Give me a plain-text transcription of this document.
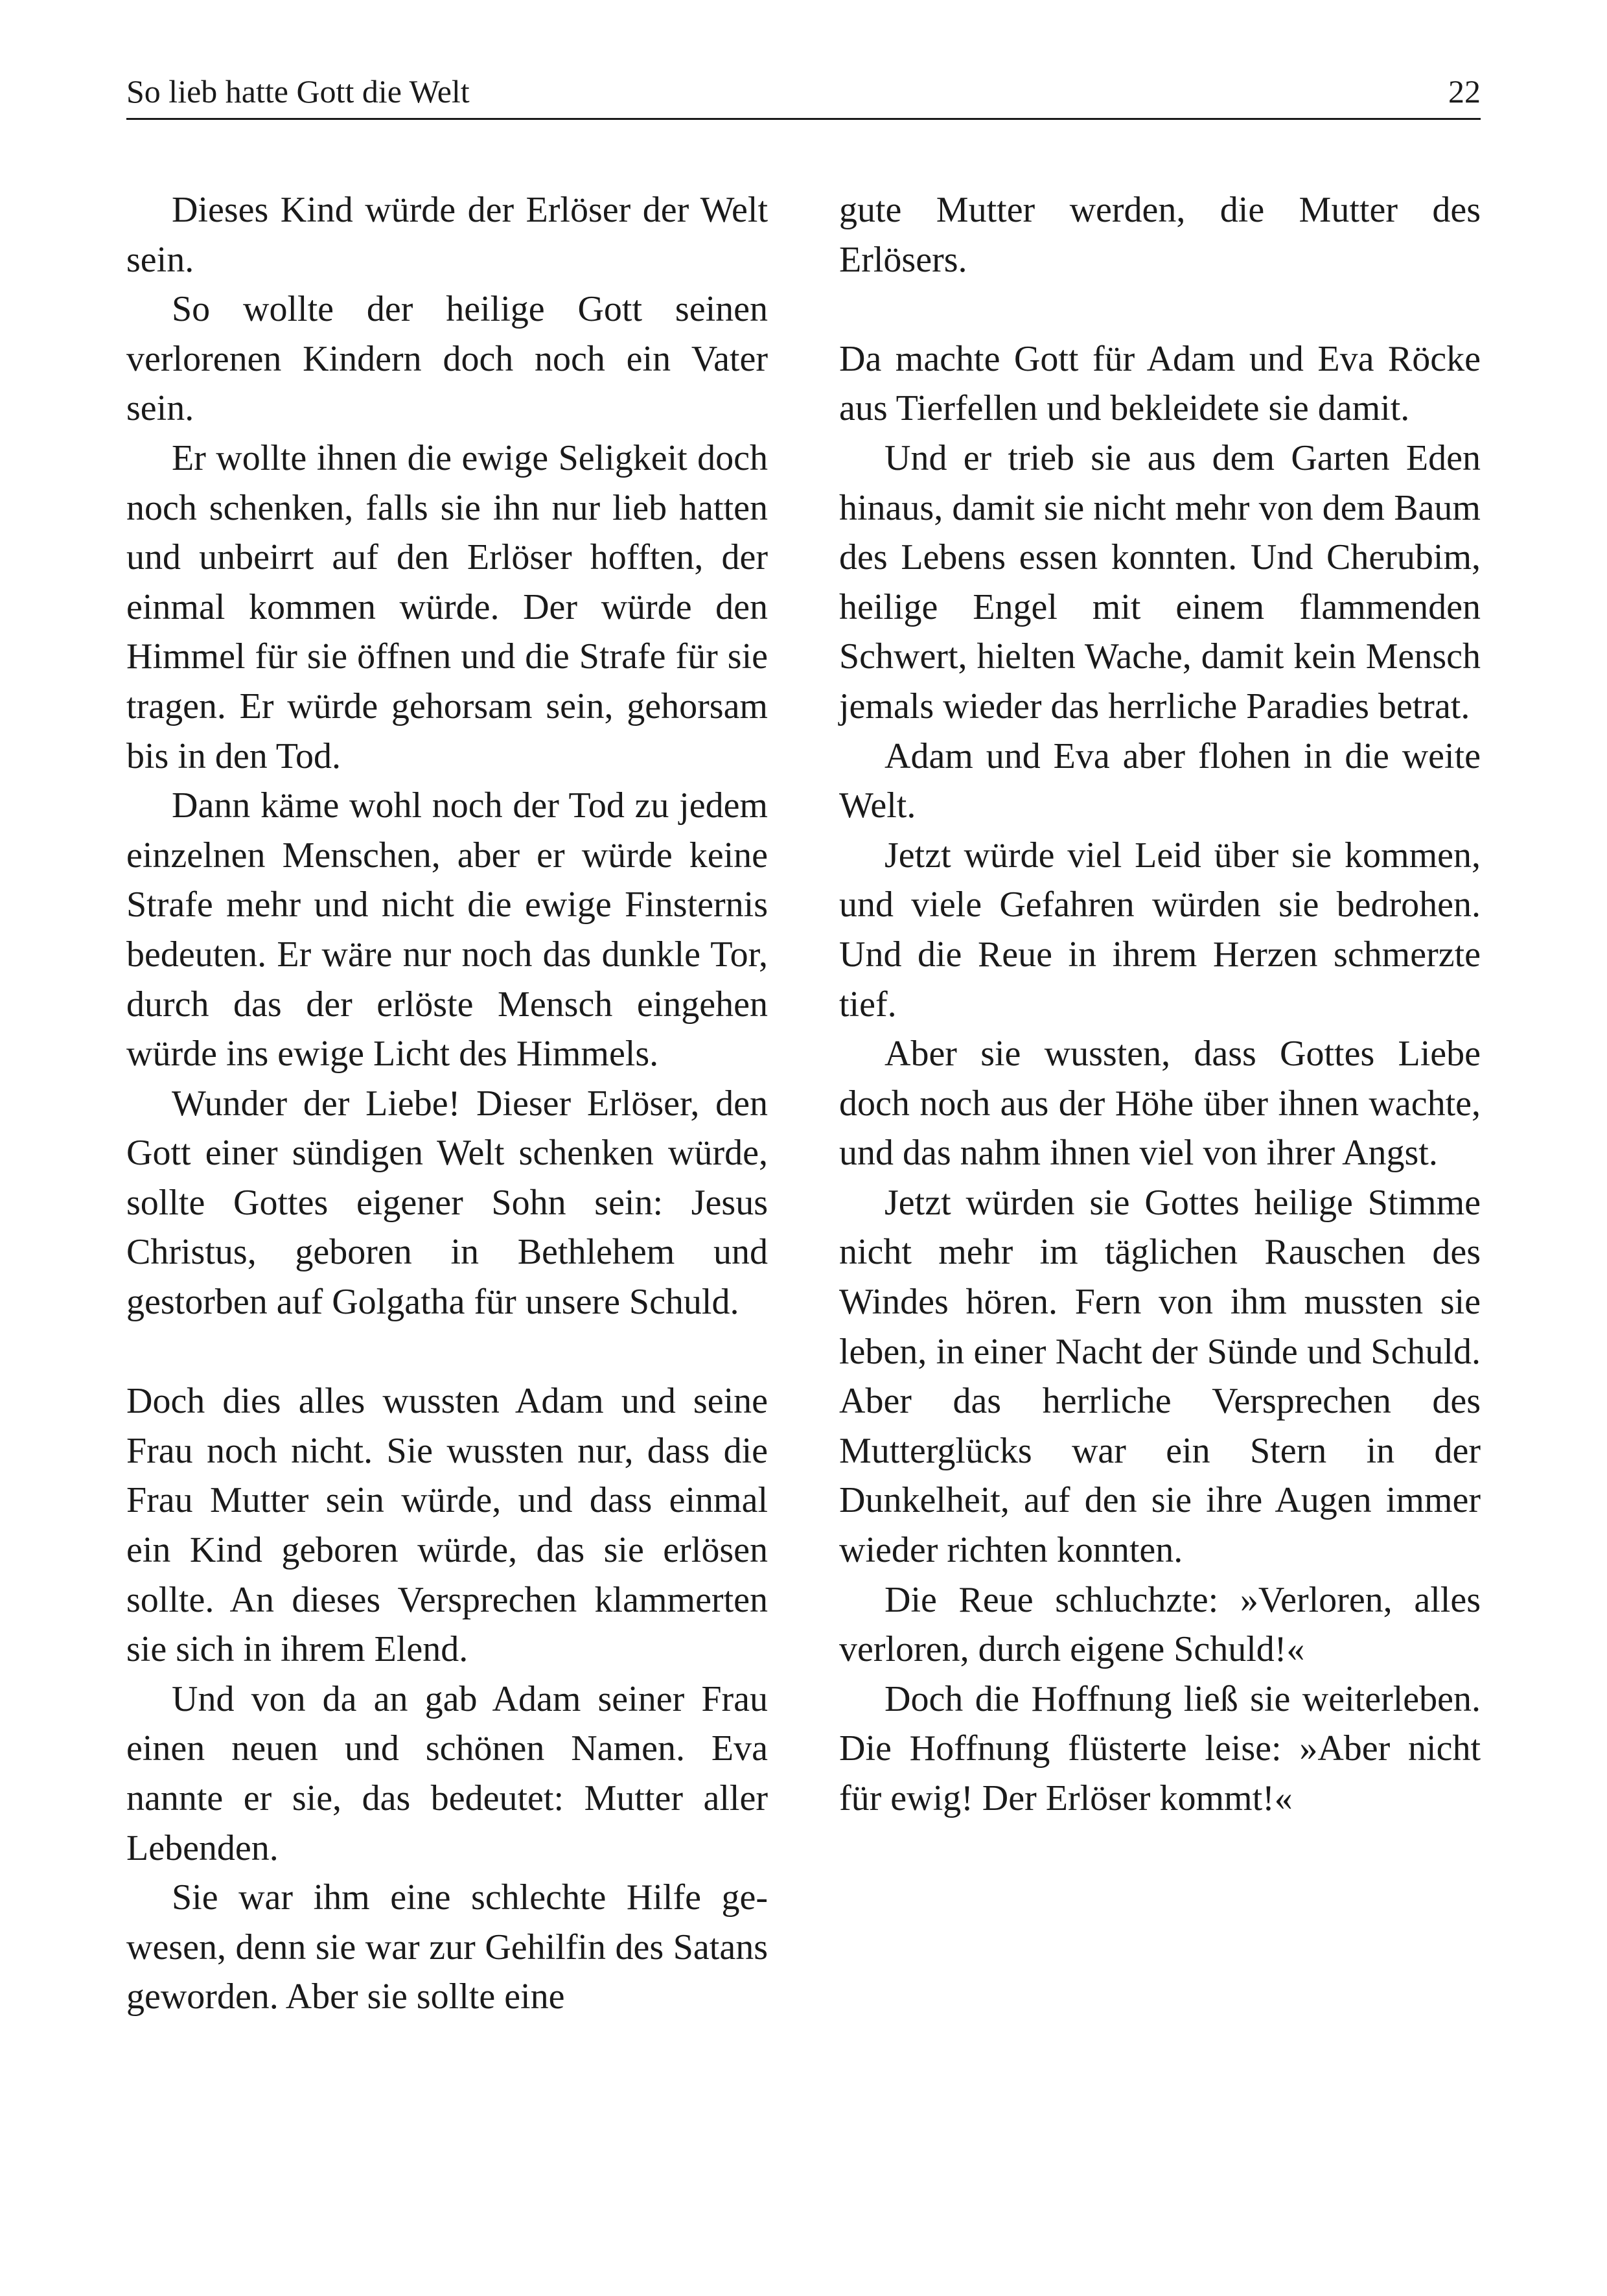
So lieb hatte Gott die Welt	22

Dieses Kind würde der Erlöser der Welt sein.

So wollte der heilige Gott seinen verlorenen Kindern doch noch ein Vater sein.

Er wollte ihnen die ewige Seligkeit doch noch schenken, falls sie ihn nur lieb hatten und unbeirrt auf den Erlöser hofften, der einmal kommen würde. Der würde den Himmel für sie öffnen und die Strafe für sie tragen. Er würde gehorsam sein, gehorsam bis in den Tod.

Dann käme wohl noch der Tod zu jedem einzelnen Menschen, aber er würde keine Strafe mehr und nicht die ewige Finsternis bedeuten. Er wäre nur noch das dunkle Tor, durch das der erlöste Mensch eingehen würde ins ewige Licht des Himmels.

Wunder der Liebe! Dieser Erlöser, den Gott einer sündigen Welt schenken würde, sollte Gottes eigener Sohn sein: Jesus Christus, geboren in Bethlehem und gestorben auf Golgatha für unsere Schuld.

Doch dies alles wussten Adam und seine Frau noch nicht. Sie wussten nur, dass die Frau Mutter sein würde, und dass einmal ein Kind geboren würde, das sie erlösen sollte. An dieses Versprechen klammerten sie sich in ihrem Elend.

Und von da an gab Adam seiner Frau einen neuen und schönen Namen. Eva nannte er sie, das bedeutet: Mutter aller Lebenden.

Sie war ihm eine schlechte Hilfe gewesen, denn sie war zur Gehilfin des Satans geworden. Aber sie sollte eine

gute Mutter werden, die Mutter des Erlösers.

Da machte Gott für Adam und Eva Röcke aus Tierfellen und bekleidete sie damit.

Und er trieb sie aus dem Garten Eden hinaus, damit sie nicht mehr von dem Baum des Lebens essen konnten. Und Cherubim, heilige Engel mit einem flammenden Schwert, hielten Wache, damit kein Mensch jemals wieder das herrliche Paradies betrat.

Adam und Eva aber flohen in die weite Welt.

Jetzt würde viel Leid über sie kommen, und viele Gefahren würden sie bedrohen. Und die Reue in ihrem Herzen schmerzte tief.

Aber sie wussten, dass Gottes Liebe doch noch aus der Höhe über ihnen wachte, und das nahm ihnen viel von ihrer Angst.

Jetzt würden sie Gottes heilige Stimme nicht mehr im täglichen Rauschen des Windes hören. Fern von ihm mussten sie leben, in einer Nacht der Sünde und Schuld. Aber das herrliche Versprechen des Mutterglücks war ein Stern in der Dunkelheit, auf den sie ihre Augen immer wieder richten konnten.

Die Reue schluchzte: »Verloren, alles verloren, durch eigene Schuld!«

Doch die Hoffnung ließ sie weiterleben. Die Hoffnung flüsterte leise: »Aber nicht für ewig! Der Erlöser kommt!«
